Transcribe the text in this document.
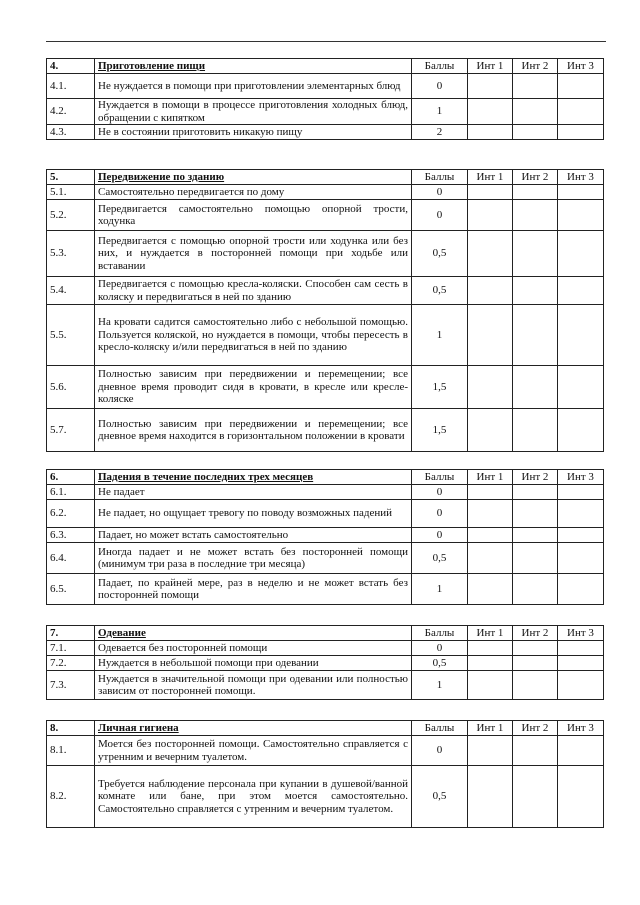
4.	Приготовление пищи	Баллы	Инт 1	Инт 2	Инт 3
4.1.	Не нуждается в помощи при приготовлении элементарных блюд	0			
4.2.	Нуждается в помощи в процессе приготовления холодных блюд, обращении с кипятком	1			
4.3.	Не в состоянии приготовить никакую пищу	2			
5.	Передвижение по зданию	Баллы	Инт 1	Инт 2	Инт 3
5.1.	Самостоятельно передвигается по дому	0			
5.2.	Передвигается самостоятельно помощью опорной трости, ходунка	0			
5.3.	Передвигается с помощью опорной трости или ходунка или без них, и нуждается в посторонней помощи при ходьбе или вставании	0,5			
5.4.	Передвигается с помощью кресла-коляски. Способен сам сесть в коляску и передвигаться в ней по зданию	0,5			
5.5.	На кровати садится самостоятельно либо с небольшой помощью. Пользуется коляской, но нуждается в помощи, чтобы пересесть в кресло-коляску и/или передвигаться в ней по зданию	1			
5.6.	Полностью зависим при передвижении и перемещении; все дневное время проводит сидя в кровати, в кресле или кресле-коляске	1,5			
5.7.	Полностью зависим при передвижении и перемещении; все дневное время находится в горизонтальном положении в кровати	1,5			
6.	Падения в течение последних трех месяцев	Баллы	Инт 1	Инт 2	Инт 3
6.1.	Не падает	0			
6.2.	Не падает, но ощущает тревогу по поводу возможных падений	0			
6.3.	Падает, но может встать самостоятельно	0			
6.4.	Иногда падает и не может встать без посторонней помощи (минимум три раза в последние три месяца)	0,5			
6.5.	Падает, по крайней мере, раз в неделю и не может встать без посторонней помощи	1			
7.	Одевание	Баллы	Инт 1	Инт 2	Инт 3
7.1.	Одевается без посторонней помощи	0			
7.2.	Нуждается в небольшой помощи при одевании	0,5			
7.3.	Нуждается в значительной помощи при одевании или полностью зависим от посторонней помощи.	1			
8.	Личная гигиена	Баллы	Инт 1	Инт 2	Инт 3
8.1.	Моется без посторонней помощи. Самостоятельно справляется с утренним и вечерним туалетом.	0			
8.2.	Требуется наблюдение персонала при купании в душевой/ванной комнате или бане, при этом моется самостоятельно. Самостоятельно справляется с утренним и вечерним туалетом.	0,5			
